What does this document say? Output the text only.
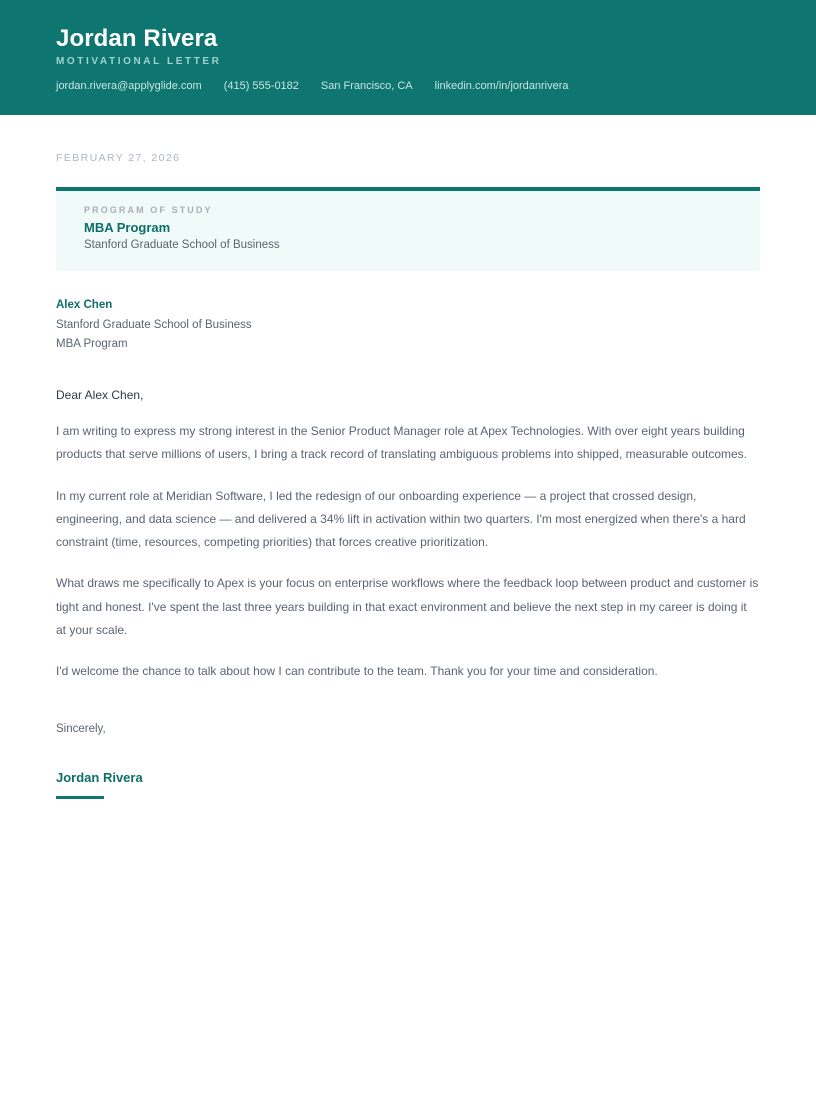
Jordan Rivera
MOTIVATIONAL LETTER
jordan.rivera@applyglide.com (415) 555-0182 San Francisco, CA linkedin.com/in/jordanrivera
FEBRUARY 27, 2026
PROGRAM OF STUDY
MBA Program
Stanford Graduate School of Business
Alex Chen
Stanford Graduate School of Business
MBA Program
Dear Alex Chen,

I am writing to express my strong interest in the Senior Product Manager role at Apex Technologies. With over eight years building products that serve millions of users, I bring a track record of translating ambiguous problems into shipped, measurable outcomes.

In my current role at Meridian Software, I led the redesign of our onboarding experience — a project that crossed design, engineering, and data science — and delivered a 34% lift in activation within two quarters. I'm most energized when there's a hard constraint (time, resources, competing priorities) that forces creative prioritization.

What draws me specifically to Apex is your focus on enterprise workflows where the feedback loop between product and customer is tight and honest. I've spent the last three years building in that exact environment and believe the next step in my career is doing it at your scale.

I'd welcome the chance to talk about how I can contribute to the team. Thank you for your time and consideration.

Sincerely,
Jordan Rivera
